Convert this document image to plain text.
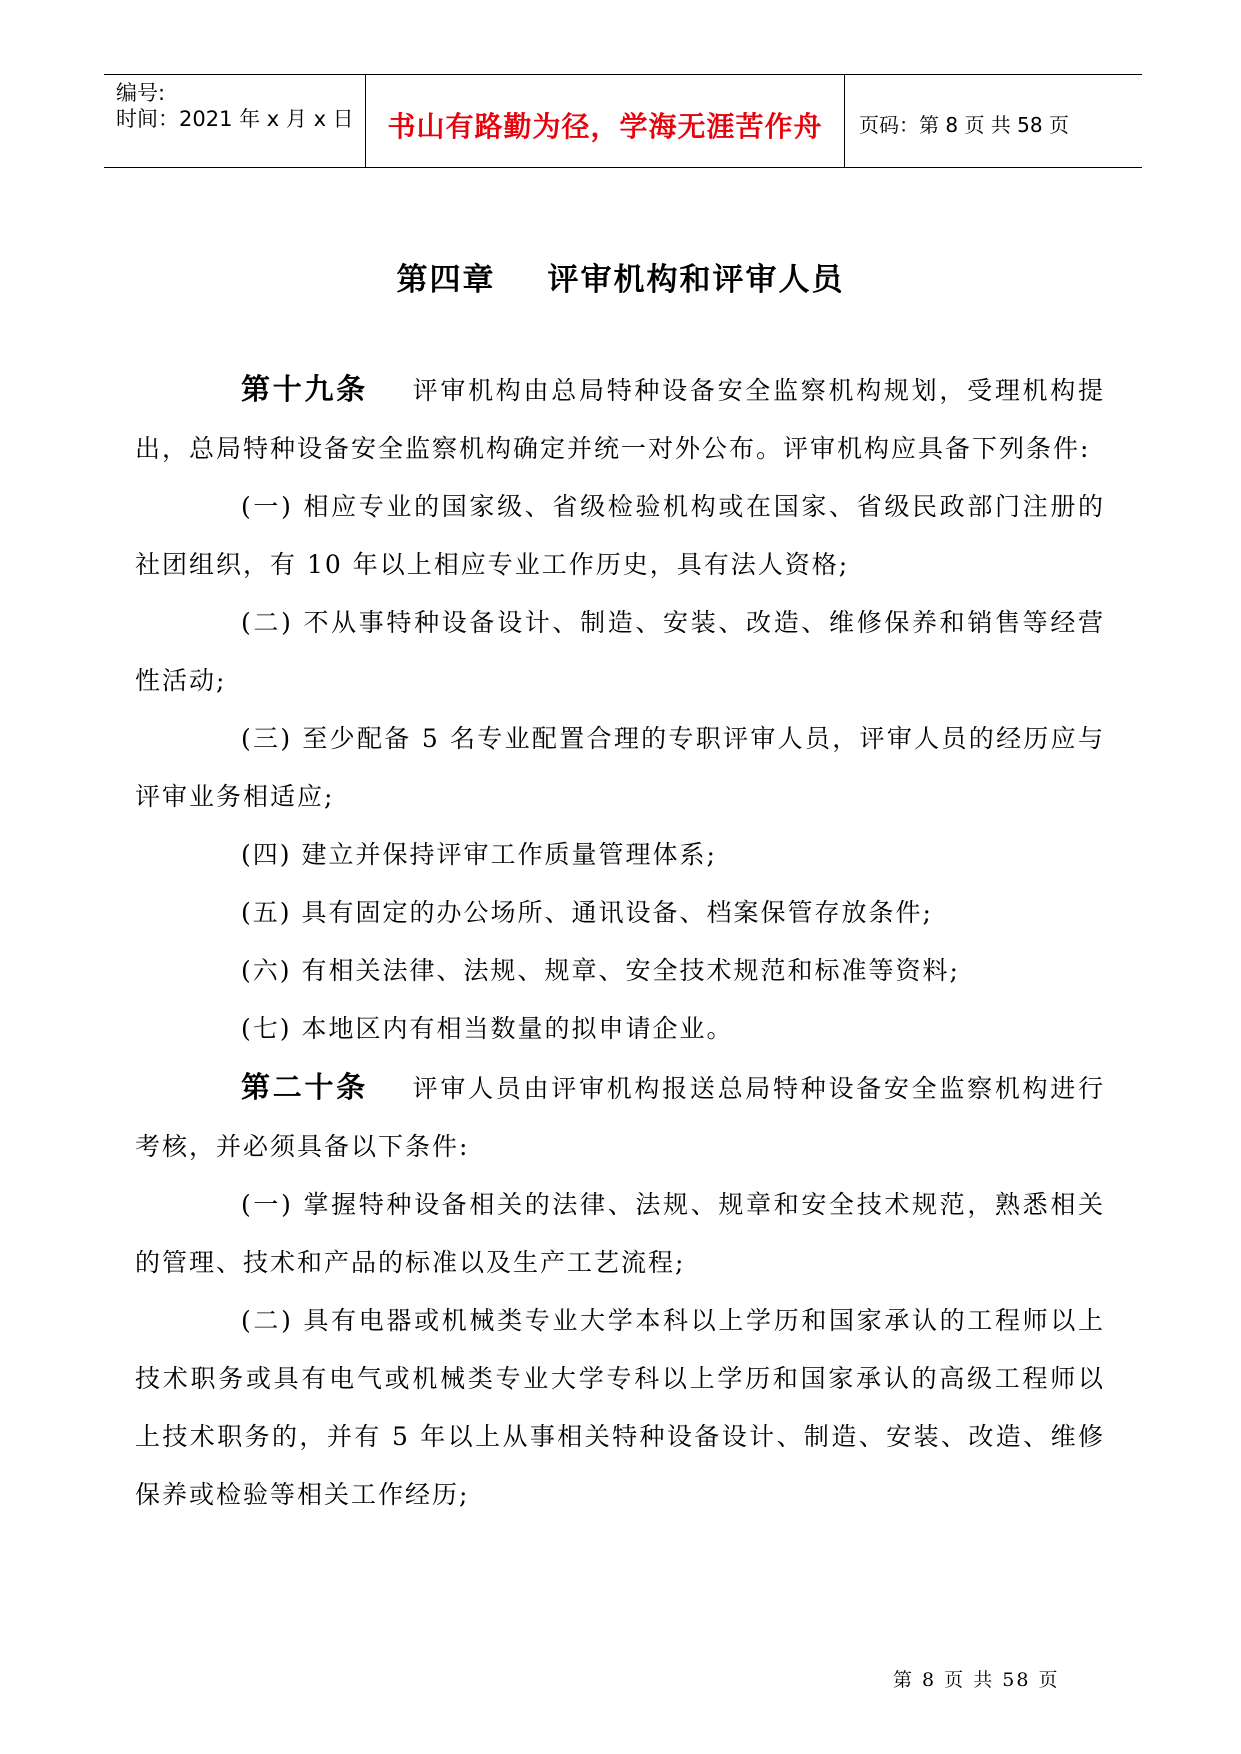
编号:
时间：2021 年 x 月 x 日	书山有路勤为径，学海无涯苦作舟	页码：第 8 页 共 58 页
第四章 评审机构和评审人员

第十九条 评审机构由总局特种设备安全监察机构规划，受理机构提出，总局特种设备安全监察机构确定并统一对外公布。评审机构应具备下列条件:

(一) 相应专业的国家级、省级检验机构或在国家、省级民政部门注册的社团组织，有 10 年以上相应专业工作历史，具有法人资格;

(二) 不从事特种设备设计、制造、安装、改造、维修保养和销售等经营性活动;

(三) 至少配备 5 名专业配置合理的专职评审人员，评审人员的经历应与评审业务相适应;

(四) 建立并保持评审工作质量管理体系;

(五) 具有固定的办公场所、通讯设备、档案保管存放条件;

(六) 有相关法律、法规、规章、安全技术规范和标准等资料;

(七) 本地区内有相当数量的拟申请企业。

第二十条 评审人员由评审机构报送总局特种设备安全监察机构进行考核，并必须具备以下条件:

(一) 掌握特种设备相关的法律、法规、规章和安全技术规范，熟悉相关的管理、技术和产品的标准以及生产工艺流程;

(二) 具有电器或机械类专业大学本科以上学历和国家承认的工程师以上技术职务或具有电气或机械类专业大学专科以上学历和国家承认的高级工程师以上技术职务的，并有 5 年以上从事相关特种设备设计、制造、安装、改造、维修保养或检验等相关工作经历;

第 8 页 共 58 页
